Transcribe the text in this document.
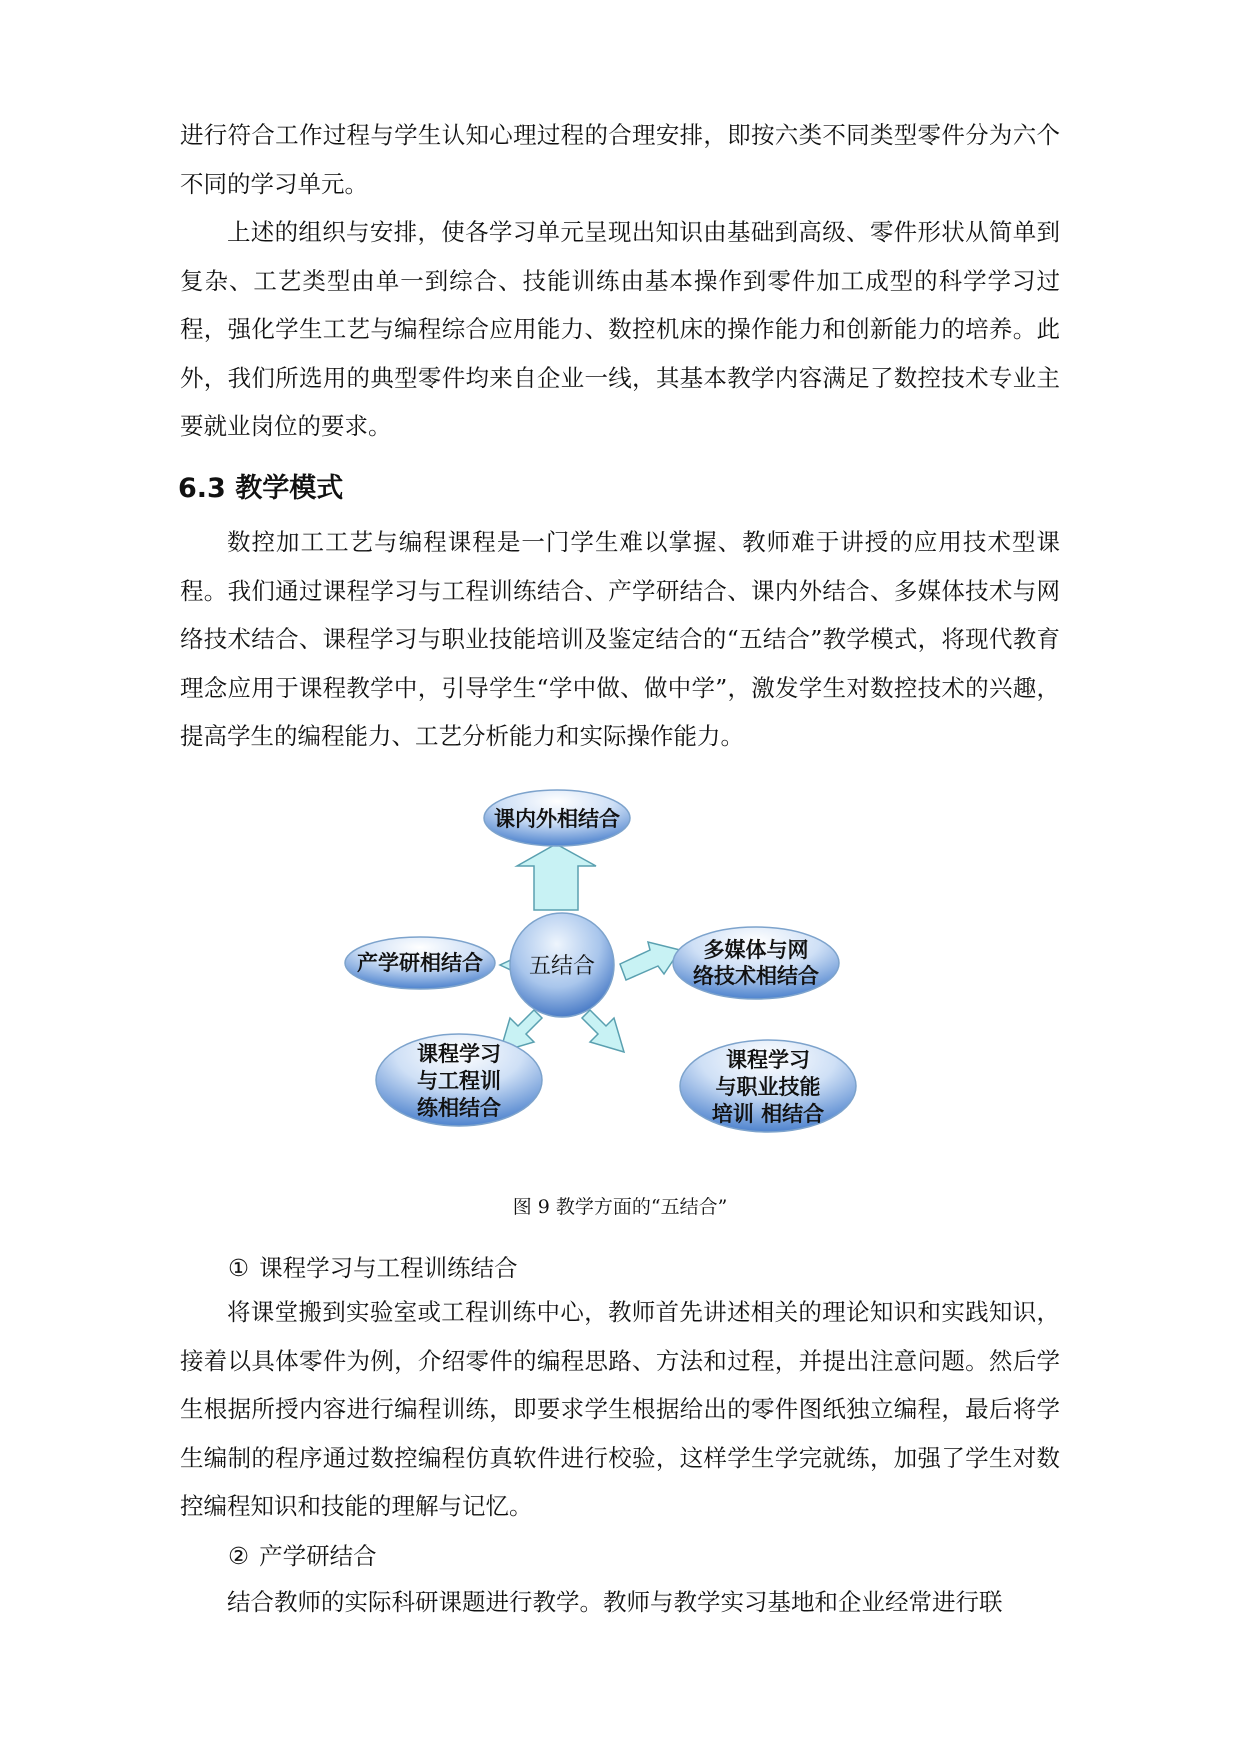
进行符合工作过程与学生认知心理过程的合理安排，即按六类不同类型零件分为六个不同的学习单元。

上述的组织与安排，使各学习单元呈现出知识由基础到高级、零件形状从简单到复杂、工艺类型由单一到综合、技能训练由基本操作到零件加工成型的科学学习过程，强化学生工艺与编程综合应用能力、数控机床的操作能力和创新能力的培养。此外，我们所选用的典型零件均来自企业一线，其基本教学内容满足了数控技术专业主要就业岗位的要求。

6.3 教学模式

数控加工工艺与编程课程是一门学生难以掌握、教师难于讲授的应用技术型课程。我们通过课程学习与工程训练结合、产学研结合、课内外结合、多媒体技术与网络技术结合、课程学习与职业技能培训及鉴定结合的“五结合”教学模式，将现代教育理念应用于课程教学中，引导学生“学中做、做中学”，激发学生对数控技术的兴趣，提高学生的编程能力、工艺分析能力和实际操作能力。

五结合
课内外相结合
产学研相结合
多媒体与网
络技术相结合
课程学习
与工程训
练相结合
课程学习
与职业技能
培训 相结合

图 9 教学方面的“五结合”

① 课程学习与工程训练结合

将课堂搬到实验室或工程训练中心，教师首先讲述相关的理论知识和实践知识，接着以具体零件为例，介绍零件的编程思路、方法和过程，并提出注意问题。然后学生根据所授内容进行编程训练，即要求学生根据给出的零件图纸独立编程，最后将学生编制的程序通过数控编程仿真软件进行校验，这样学生学完就练，加强了学生对数控编程知识和技能的理解与记忆。

② 产学研结合

结合教师的实际科研课题进行教学。教师与教学实习基地和企业经常进行联
